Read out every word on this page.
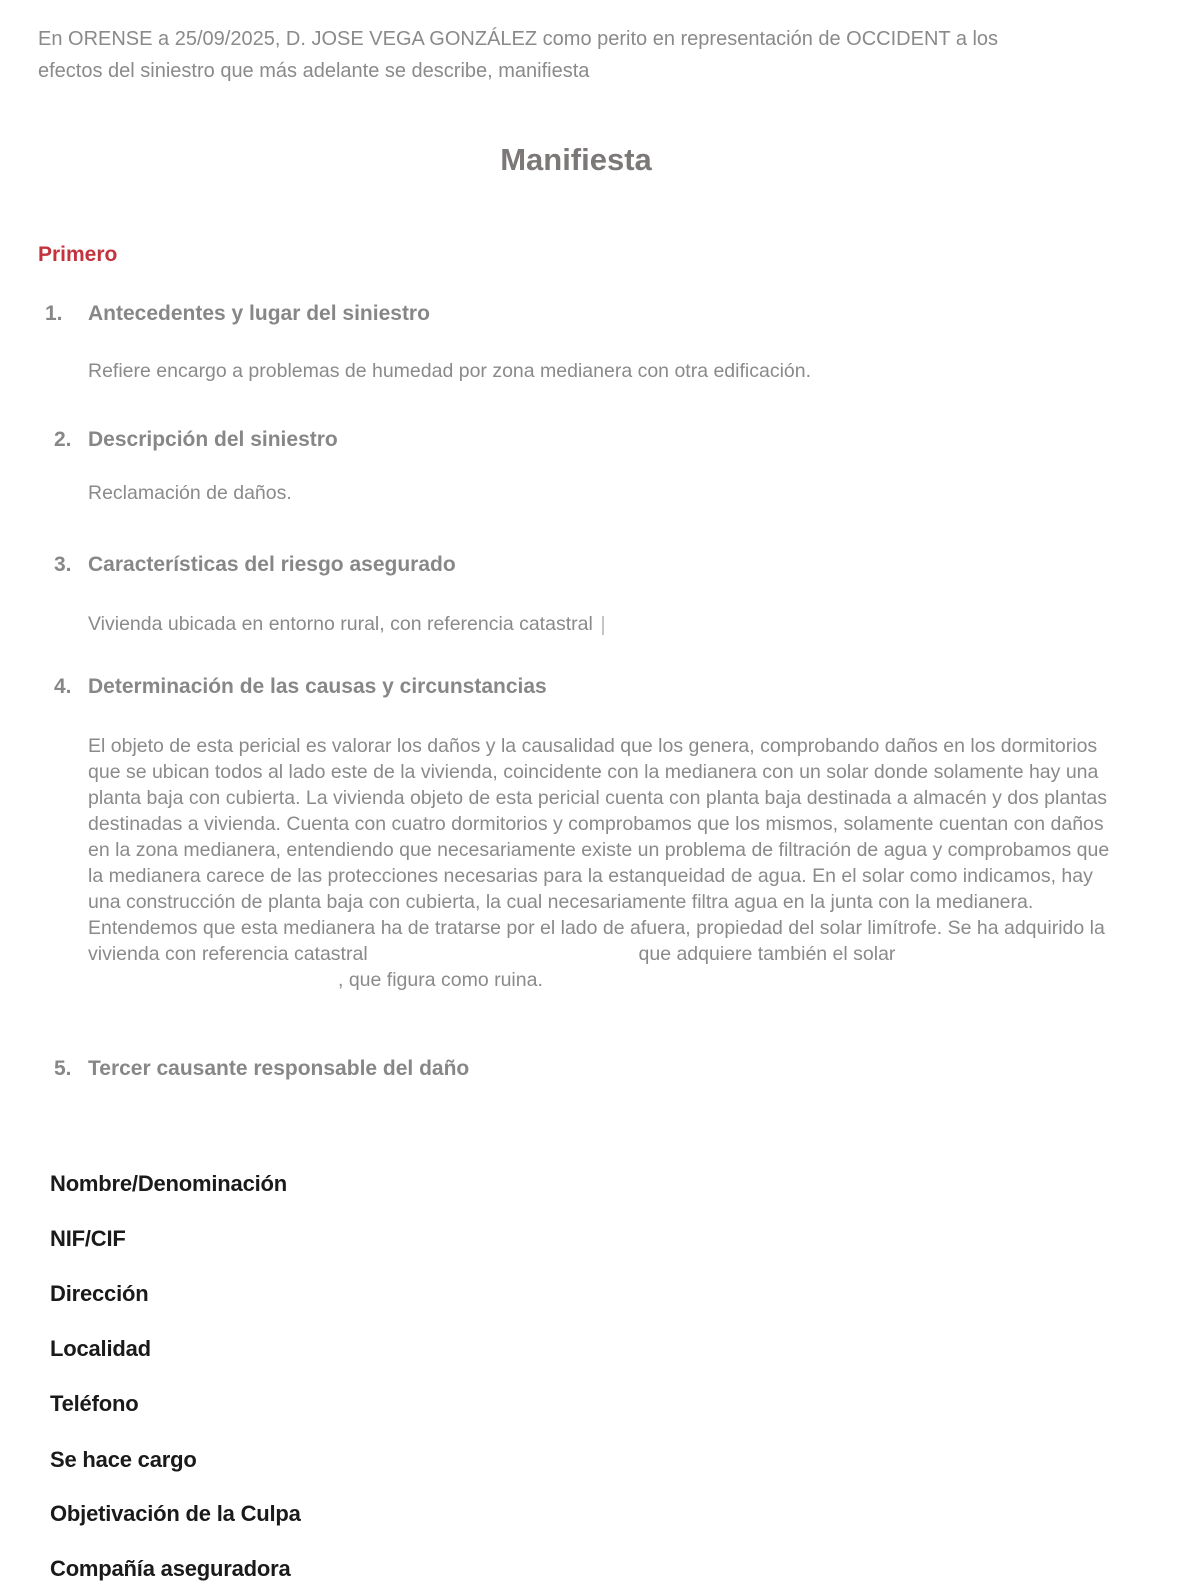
En ORENSE a 25/09/2025, D. JOSE VEGA GONZÁLEZ como perito en representación de OCCIDENT a los efectos del siniestro que más adelante se describe, manifiesta

Manifiesta
Primero
1. Antecedentes y lugar del siniestro

Refiere encargo a problemas de humedad por zona medianera con otra edificación.

2. Descripción del siniestro

Reclamación de daños.

3. Características del riesgo asegurado

Vivienda ubicada en entorno rural, con referencia catastral

4. Determinación de las causas y circunstancias

El objeto de esta pericial es valorar los daños y la causalidad que los genera, comprobando daños en los dormitorios que se ubican todos al lado este de la vivienda, coincidente con la medianera con un solar donde solamente hay una planta baja con cubierta. La vivienda objeto de esta pericial cuenta con planta baja destinada a almacén y dos plantas destinadas a vivienda. Cuenta con cuatro dormitorios y comprobamos que los mismos, solamente cuentan con daños en la zona medianera, entendiendo que necesariamente existe un problema de filtración de agua y comprobamos que la medianera carece de las protecciones necesarias para la estanqueidad de agua. En el solar como indicamos, hay una construcción de planta baja con cubierta, la cual necesariamente filtra agua en la junta con la medianera. Entendemos que esta medianera ha de tratarse por el lado de afuera, propiedad del solar limítrofe. Se ha adquirido la vivienda con referencia catastral	que adquiere también el solar , que figura como ruina.

5. Tercer causante responsable del daño
Nombre/Denominación
NIF/CIF
Dirección
Localidad
Teléfono
Se hace cargo
Objetivación de la Culpa
Compañía aseguradora
